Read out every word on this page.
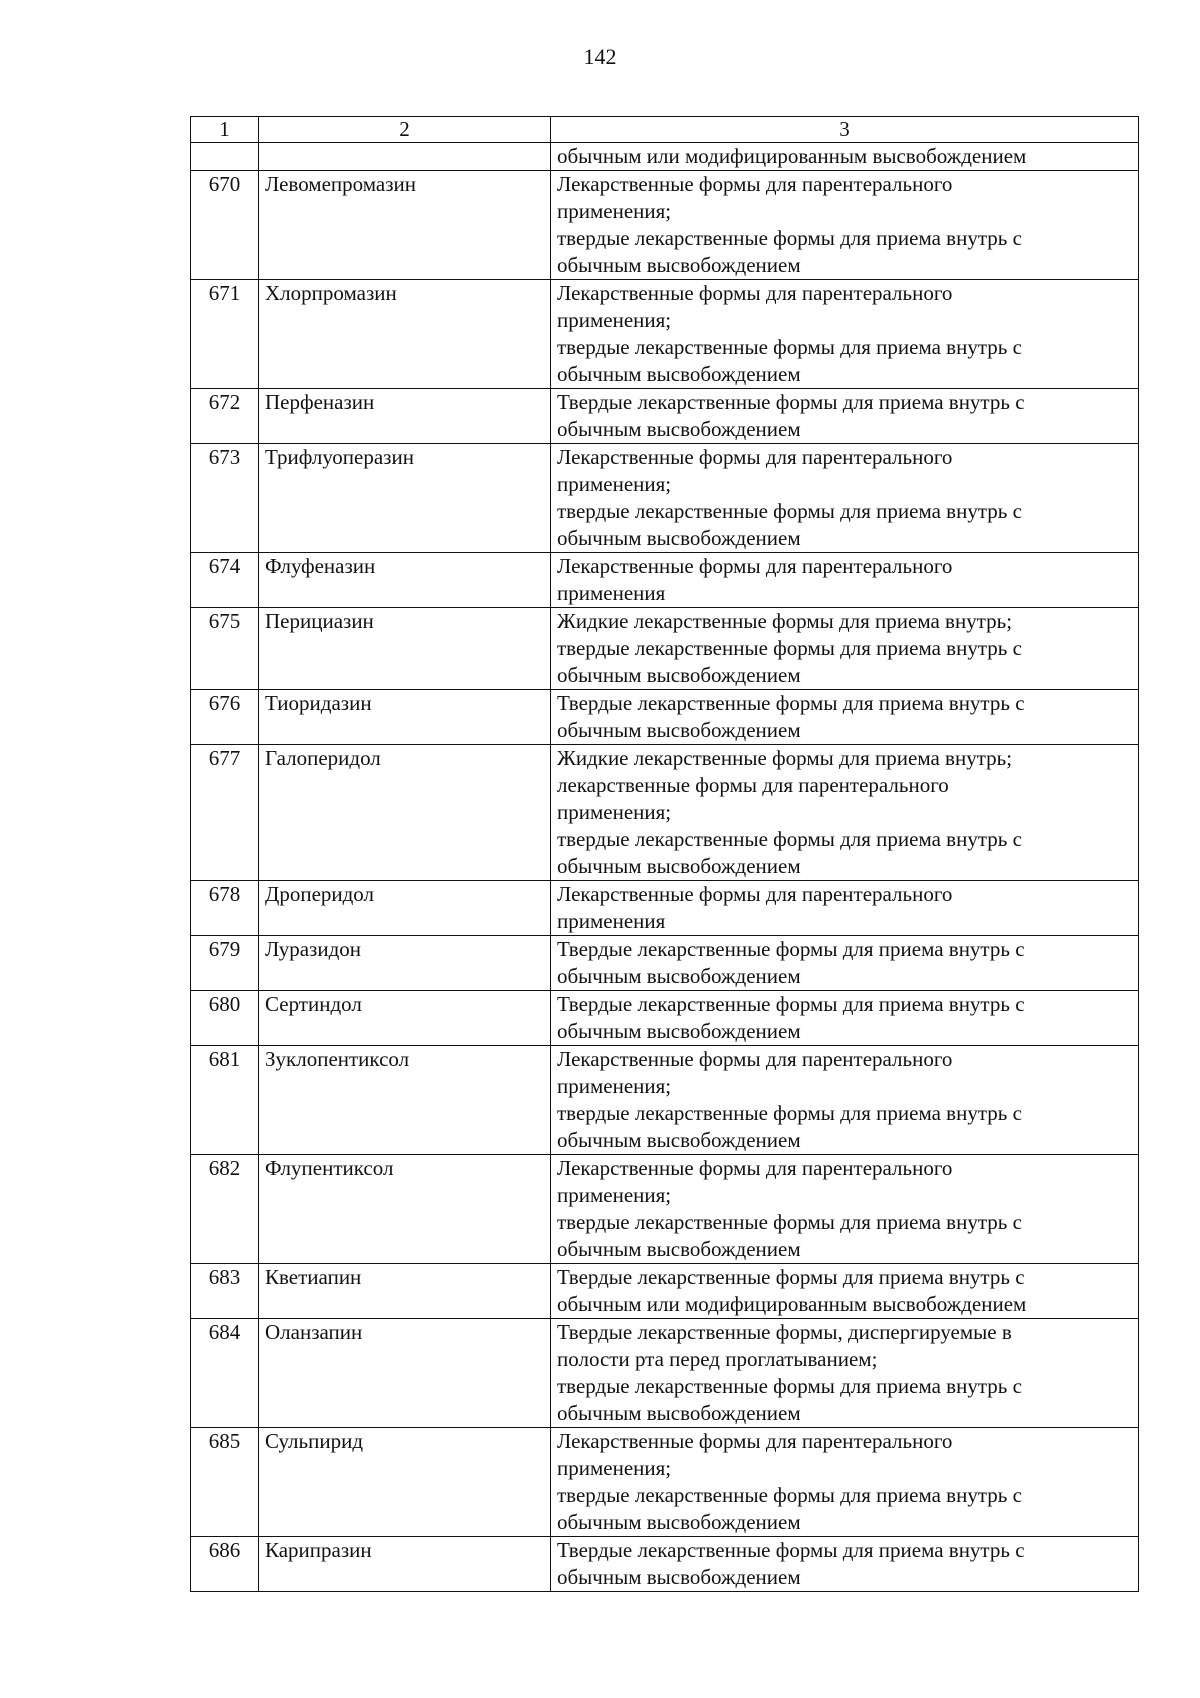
142
1	2	3
		обычным или модифицированным высвобождением
670	Левомепромазин	Лекарственные формы для парентерального
применения;
твердые лекарственные формы для приема внутрь с
обычным высвобождением
671	Хлорпромазин	Лекарственные формы для парентерального
применения;
твердые лекарственные формы для приема внутрь с
обычным высвобождением
672	Перфеназин	Твердые лекарственные формы для приема внутрь с
обычным высвобождением
673	Трифлуоперазин	Лекарственные формы для парентерального
применения;
твердые лекарственные формы для приема внутрь с
обычным высвобождением
674	Флуфеназин	Лекарственные формы для парентерального
применения
675	Перициазин	Жидкие лекарственные формы для приема внутрь;
твердые лекарственные формы для приема внутрь с
обычным высвобождением
676	Тиоридазин	Твердые лекарственные формы для приема внутрь с
обычным высвобождением
677	Галоперидол	Жидкие лекарственные формы для приема внутрь;
лекарственные формы для парентерального
применения;
твердые лекарственные формы для приема внутрь с
обычным высвобождением
678	Дроперидол	Лекарственные формы для парентерального
применения
679	Луразидон	Твердые лекарственные формы для приема внутрь с
обычным высвобождением
680	Сертиндол	Твердые лекарственные формы для приема внутрь с
обычным высвобождением
681	Зуклопентиксол	Лекарственные формы для парентерального
применения;
твердые лекарственные формы для приема внутрь с
обычным высвобождением
682	Флупентиксол	Лекарственные формы для парентерального
применения;
твердые лекарственные формы для приема внутрь с
обычным высвобождением
683	Кветиапин	Твердые лекарственные формы для приема внутрь с
обычным или модифицированным высвобождением
684	Оланзапин	Твердые лекарственные формы, диспергируемые в
полости рта перед проглатыванием;
твердые лекарственные формы для приема внутрь с
обычным высвобождением
685	Сульпирид	Лекарственные формы для парентерального
применения;
твердые лекарственные формы для приема внутрь с
обычным высвобождением
686	Карипразин	Твердые лекарственные формы для приема внутрь с
обычным высвобождением
